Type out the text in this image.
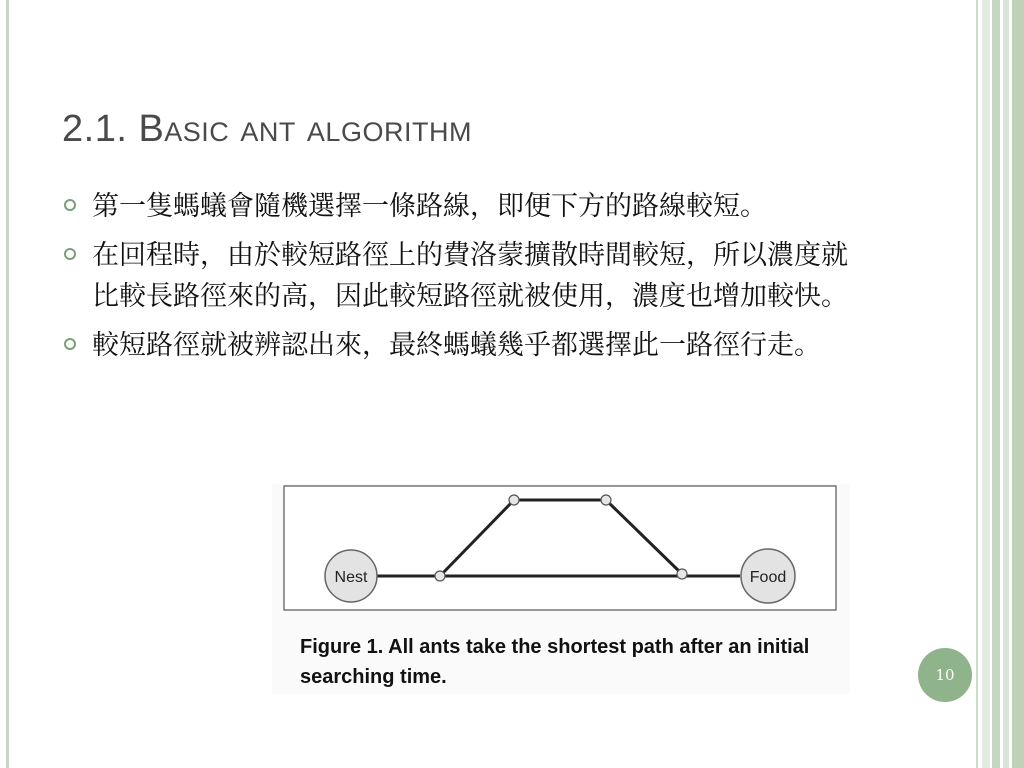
2.1. Basic ant algorithm
第一隻螞蟻會隨機選擇一條路線，即便下方的路線較短。
在回程時，由於較短路徑上的費洛蒙擴散時間較短，所以濃度就比較長路徑來的高，因此較短路徑就被使用，濃度也增加較快。
較短路徑就被辨認出來，最終螞蟻幾乎都選擇此一路徑行走。
Nest	Food
Figure 1. All ants take the shortest path after an initial searching time.	10
